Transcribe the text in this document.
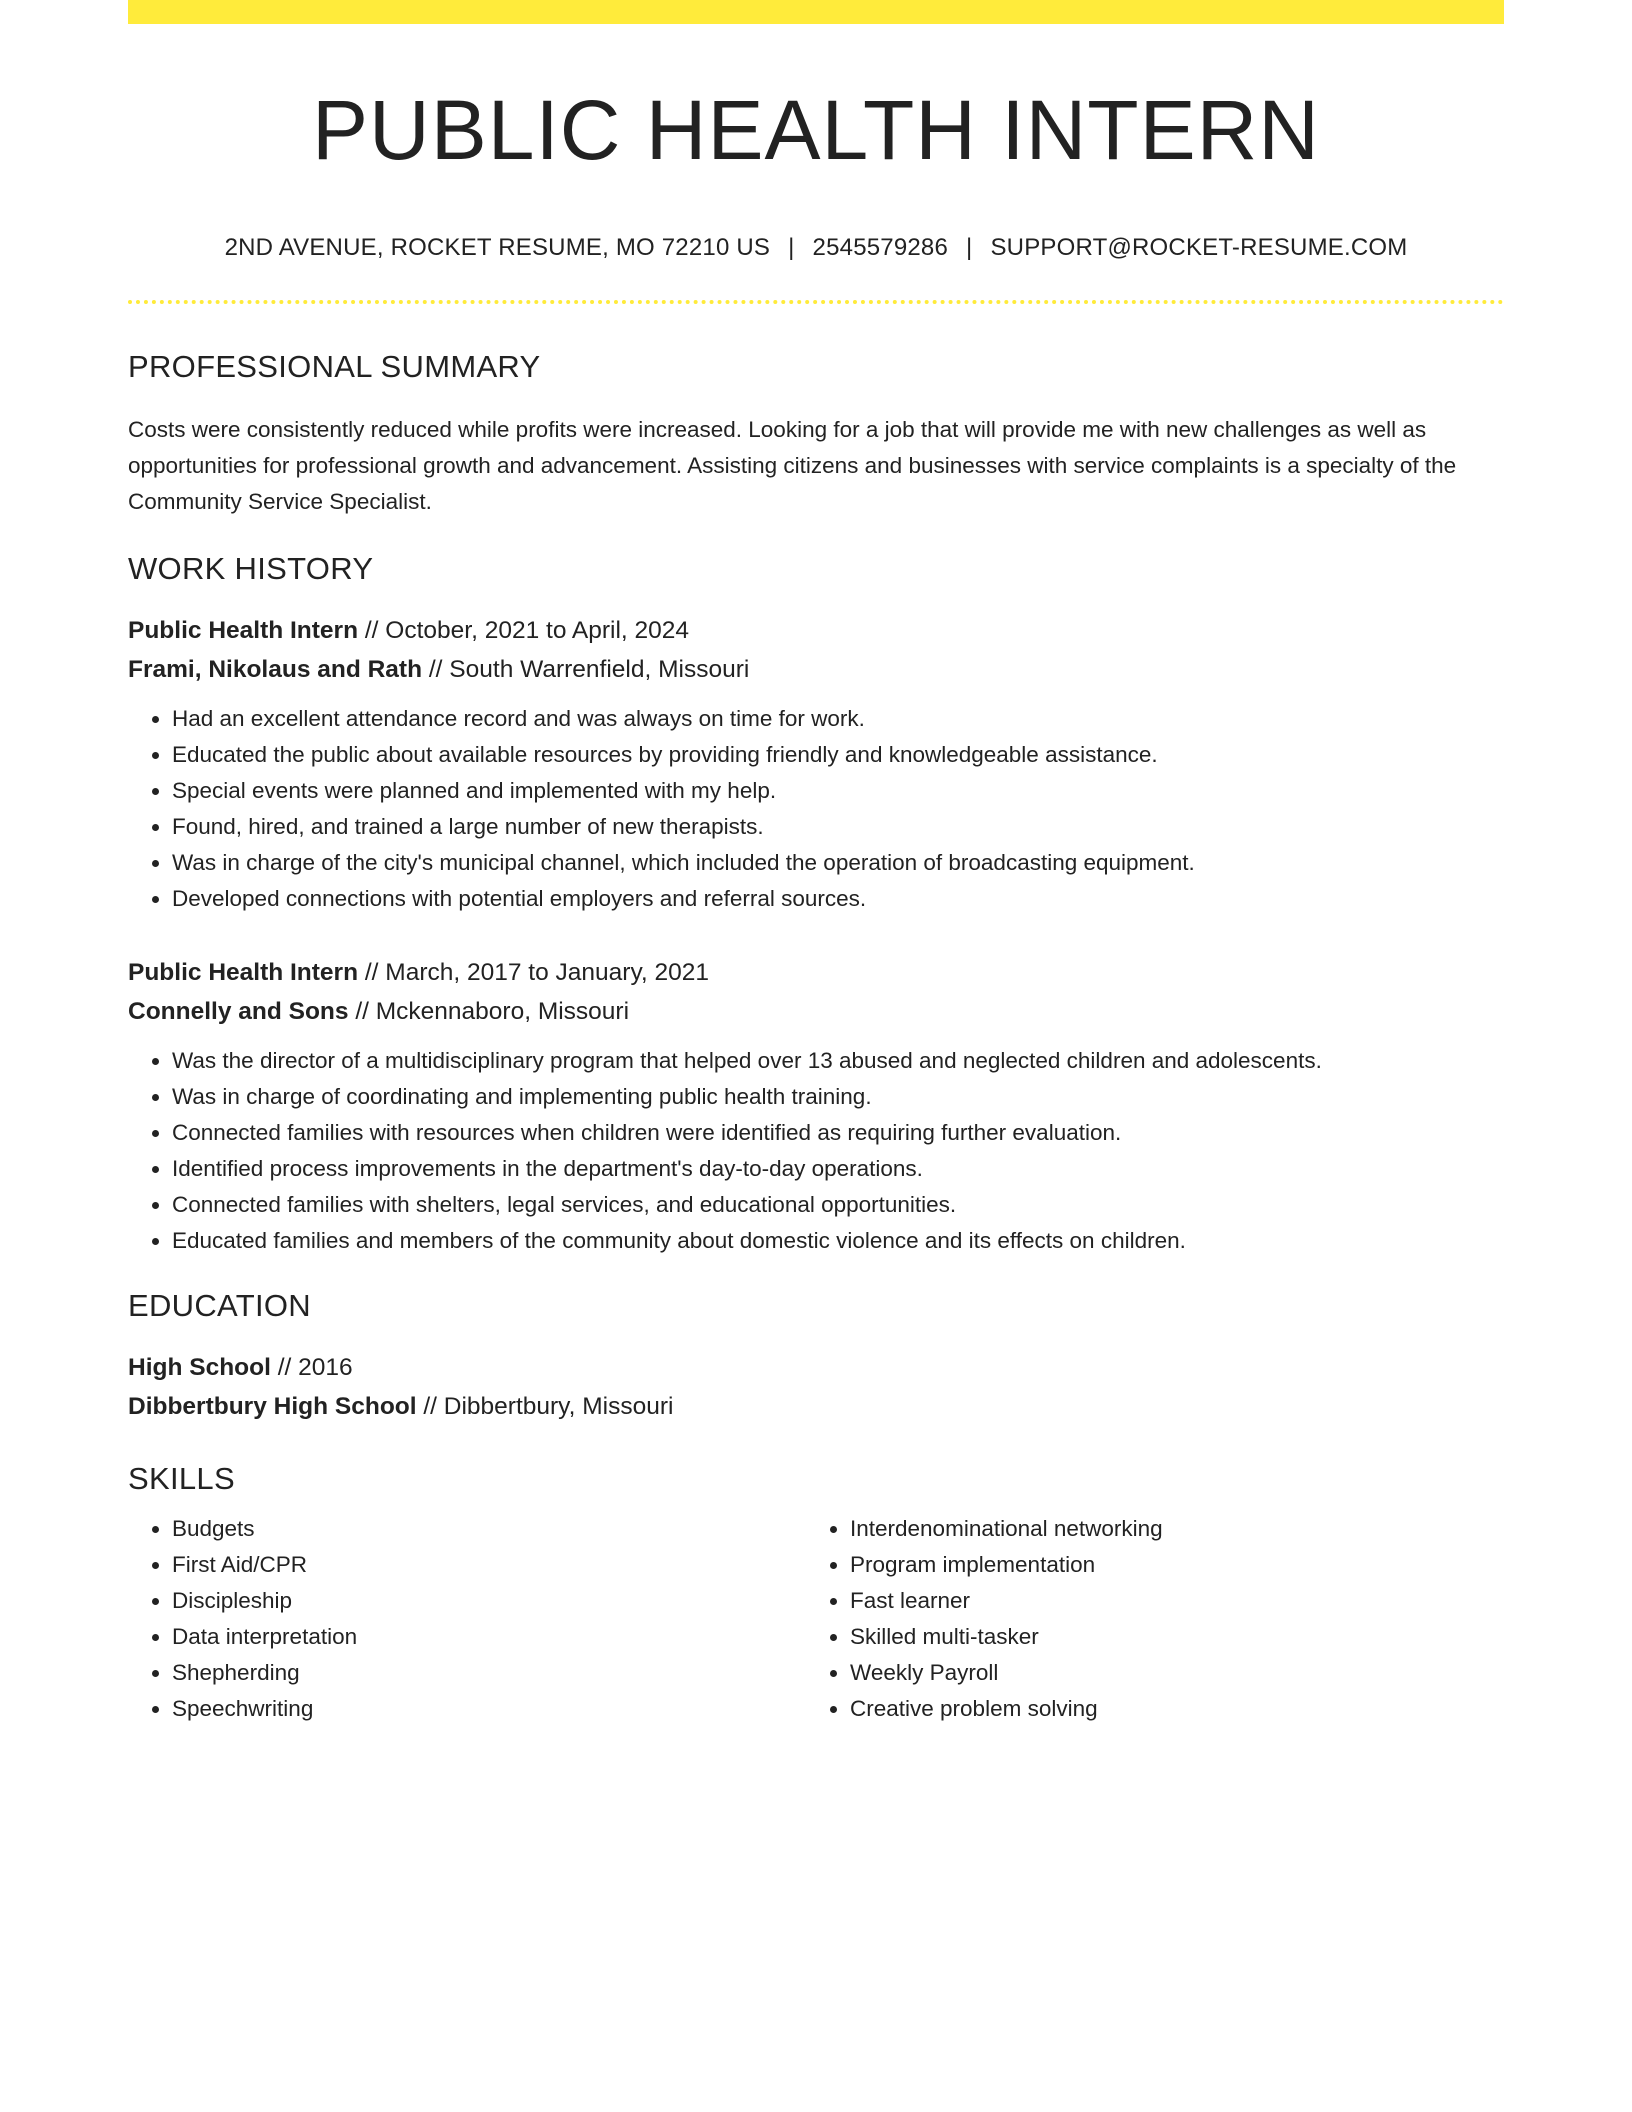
PUBLIC HEALTH INTERN
2ND AVENUE, ROCKET RESUME, MO 72210 US | 2545579286 | SUPPORT@ROCKET-RESUME.COM
PROFESSIONAL SUMMARY
Costs were consistently reduced while profits were increased. Looking for a job that will provide me with new challenges as well as opportunities for professional growth and advancement. Assisting citizens and businesses with service complaints is a specialty of the Community Service Specialist.
WORK HISTORY
Public Health Intern // October, 2021 to April, 2024
Frami, Nikolaus and Rath // South Warrenfield, Missouri
• Had an excellent attendance record and was always on time for work.
• Educated the public about available resources by providing friendly and knowledgeable assistance.
• Special events were planned and implemented with my help.
• Found, hired, and trained a large number of new therapists.
• Was in charge of the city's municipal channel, which included the operation of broadcasting equipment.
• Developed connections with potential employers and referral sources.
Public Health Intern // March, 2017 to January, 2021
Connelly and Sons // Mckennaboro, Missouri
• Was the director of a multidisciplinary program that helped over 13 abused and neglected children and adolescents.
• Was in charge of coordinating and implementing public health training.
• Connected families with resources when children were identified as requiring further evaluation.
• Identified process improvements in the department's day-to-day operations.
• Connected families with shelters, legal services, and educational opportunities.
• Educated families and members of the community about domestic violence and its effects on children.
EDUCATION
High School // 2016
Dibbertbury High School // Dibbertbury, Missouri
SKILLS
• Budgets
• First Aid/CPR
• Discipleship
• Data interpretation
• Shepherding
• Speechwriting
• Interdenominational networking
• Program implementation
• Fast learner
• Skilled multi-tasker
• Weekly Payroll
• Creative problem solving
